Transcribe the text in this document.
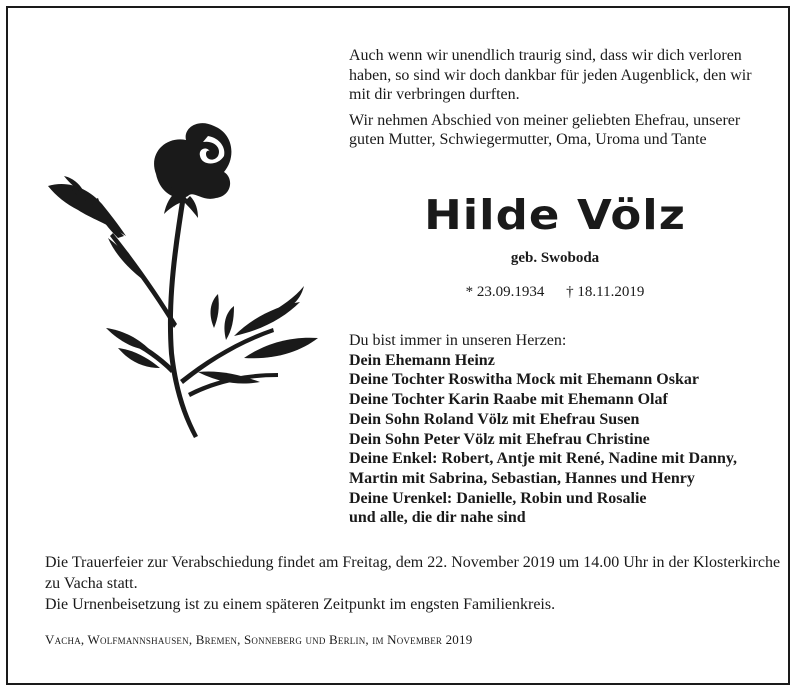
Auch wenn wir unendlich traurig sind, dass wir dich verloren haben, so sind wir doch dankbar für jeden Augenblick, den wir mit dir verbringen durften.

Wir nehmen Abschied von meiner geliebten Ehefrau, unserer guten Mutter, Schwiegermutter, Oma, Uroma und Tante

Hilde Völz
geb. Swoboda
* 23.09.1934 † 18.11.2019
Du bist immer in unseren Herzen:
Dein Ehemann Heinz
Deine Tochter Roswitha Mock mit Ehemann Oskar
Deine Tochter Karin Raabe mit Ehemann Olaf
Dein Sohn Roland Völz mit Ehefrau Susen
Dein Sohn Peter Völz mit Ehefrau Christine
Deine Enkel: Robert, Antje mit René, Nadine mit Danny,
Martin mit Sabrina, Sebastian, Hannes und Henry
Deine Urenkel: Danielle, Robin und Rosalie
und alle, die dir nahe sind

Die Trauerfeier zur Verabschiedung findet am Freitag, dem 22. November 2019 um 14.00 Uhr in der Klosterkirche zu Vacha statt.

Die Urnenbeisetzung ist zu einem späteren Zeitpunkt im engsten Familienkreis.

Vacha, Wolfmannshausen, Bremen, Sonneberg und Berlin, im November 2019
